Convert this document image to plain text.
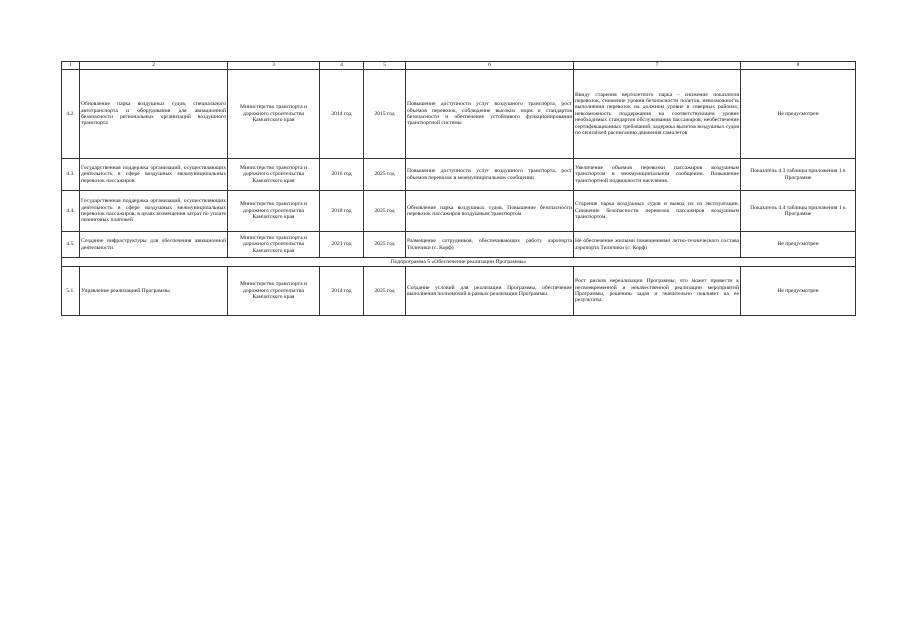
1	2	3	4	5	6	7	8
4.2.	Обновление парка воздушных судов, специального автотранспорта и оборудования для авиационной безопасности региональных организаций воздушного транспорта	Министерство транспорта и дорожного строительства Камчатского края	2014 год	2015 год	Повышение доступности услуг воздушного транспорта, рост объемов перевозок, соблюдение высоких норм и стандартов безопасности и обеспечение устойчивого функционирования транспортной системы	Ввиду старения вертолетного парка - снижение показателя перевозок, снижение уровня безопасности полетов, невозможность выполнения перевозок на должном уровне в северных районах; невозможность поддержания на соответствующем уровне необходимых стандартов обслуживания пассажиров, необеспечение сертификационных требований, задержка вылетов воздушных судов по centralised расписанию движения самолетов	Не предусмотрен
4.3.	Государственная поддержка организаций, осуществляющих деятельность в сфере воздушных межмуниципальных перевозок пассажиров	Министерство транспорта и дорожного строительства Камчатского края	2016 год	2025 год	Повышение доступности услуг воздушного транспорта, рост объемов перевозок в межмуниципальном сообщении	Увеличение объемов перевозки пассажиров воздушным транспортом в межмуниципальном сообщении. Повышение транспортной подвижности населения.	Показатель 4.3 таблицы приложения 1 к Программе
4.4.	Государственная поддержка организаций, осуществляющих деятельность в сфере воздушных межмуниципальных перевозок пассажиров, в целях возмещения затрат по уплате лизинговых платежей	Министерство транспорта и дорожного строительства Камчатского края	2018 год	2025 год	Обновление парка воздушных судов. Повышение безопасности перевозок пассажиров воздушным транспортом.	Старение парка воздушных судов и вывод их из эксплуатации. Снижение безопасности перевозок пассажиров воздушным транспортом.	Показатель 4.4 таблицы приложения 1 к Программе
4.5.	Создание инфраструктуры для обеспечения авиационной деятельности.	Министерство транспорта и дорожного строительства Камчатского края	2021 год	2025 год	Размещение сотрудников, обеспечивающих работу аэропорта Тиличики (с. Корф)	Не обеспечение жилыми помещениями летно-технического состава аэропорта Тиличики (с. Корф)	Не предусмотрен
Подпрограмма 5 «Обеспечение реализации Программы»							
5.1.	Управление реализацией Программы	Министерство транспорта и дорожного строительства Камчатского края	2014 год	2025 год	Создание условий для реализации Программы, обеспечение выполнения полномочий в рамках реализации Программы.	Рост рисков нереализации Программы, что может привести к несвоевременной и некачественной реализации мероприятий Программы, решению задач и значительно повлияет на ее результаты.	Не предусмотрен
